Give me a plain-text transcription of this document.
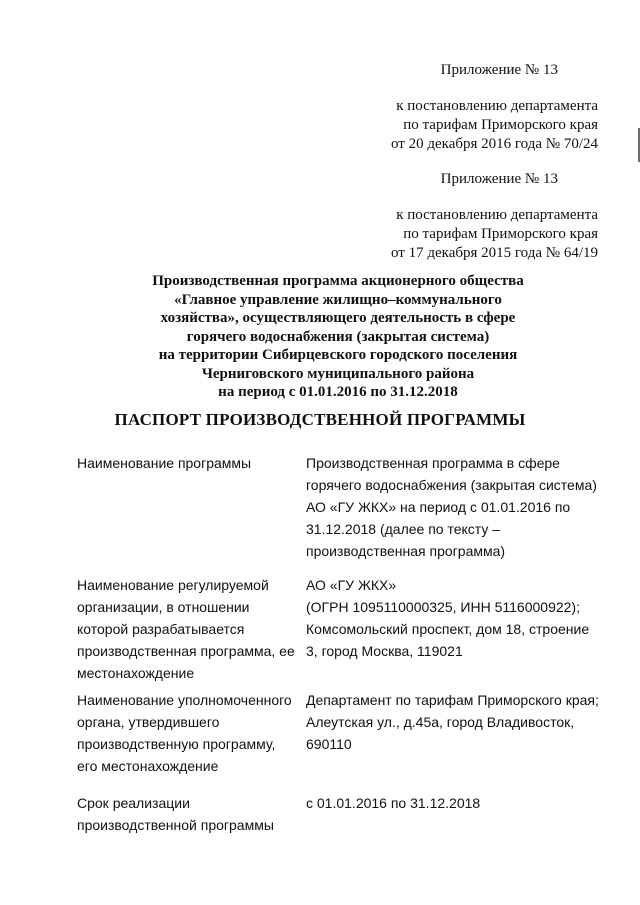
Приложение № 13
к постановлению департамента
по тарифам Приморского края
от 20 декабря 2016 года № 70/24
Приложение № 13
к постановлению департамента
по тарифам Приморского края
от 17 декабря 2015 года № 64/19
Производственная программа акционерного общества
«Главное управление жилищно–коммунального
хозяйства», осуществляющего деятельность в сфере
горячего водоснабжения (закрытая система)
на территории Сибирцевского городского поселения
Черниговского муниципального района
на период с 01.01.2016 по 31.12.2018
ПАСПОРТ ПРОИЗВОДСТВЕННОЙ ПРОГРАММЫ
Наименование программы	Производственная программа в сфере
горячего водоснабжения (закрытая система)
АО «ГУ ЖКХ» на период с 01.01.2016 по
31.12.2018 (далее по тексту –
производственная программа)
Наименование регулируемой
организации, в отношении
которой разрабатывается
производственная программа, ее
местонахождение
АО «ГУ ЖКХ»
(ОГРН 1095110000325, ИНН 5116000922);
Комсомольский проспект, дом 18, строение
3, город Москва, 119021
Наименование уполномоченного
органа, утвердившего
производственную программу,
его местонахождение
Департамент по тарифам Приморского края;
Алеутская ул., д.45а, город Владивосток,
690110
Срок реализации
производственной программы
с 01.01.2016 по 31.12.2018
